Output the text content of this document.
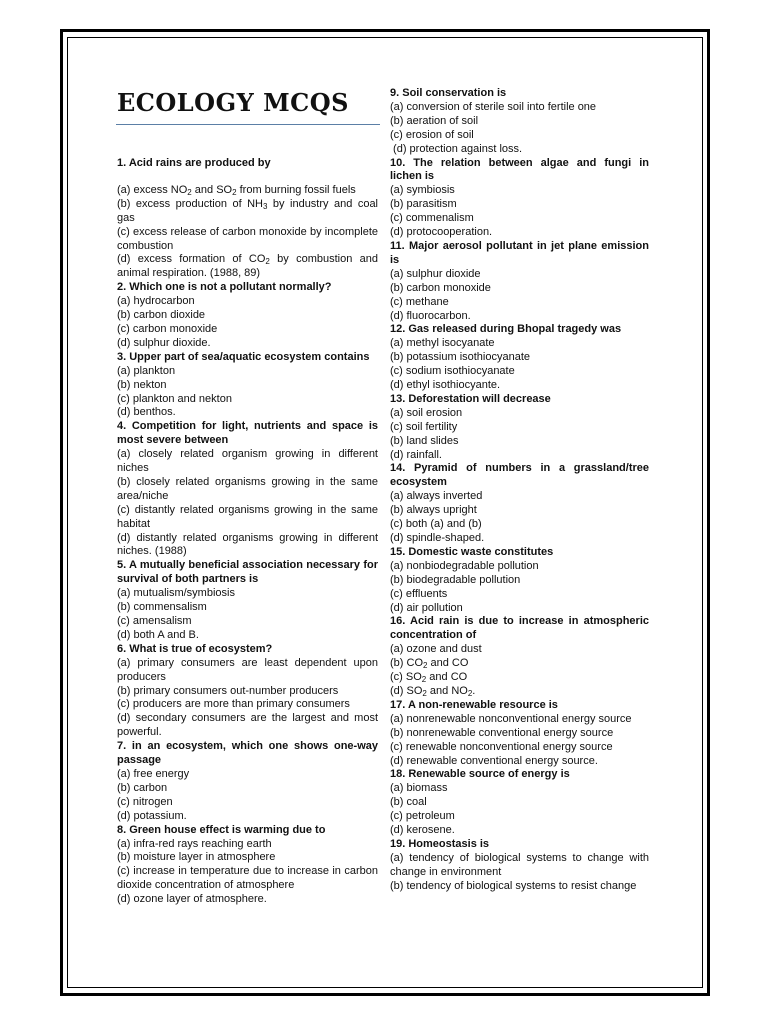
ECOLOGY MCQS
1. Acid rains are produced by
(a) excess $NO_2$ and $SO_2$ from burning fossil fuels
(b) excess production of $NH_3$ by industry and coal gas
(c) excess release of carbon monoxide by incomplete combustion
(d) excess formation of $CO_2$ by combustion and animal respiration. (1988, 89)
2. Which one is not a pollutant normally?
(a) hydrocarbon
(b) carbon dioxide
(c) carbon monoxide
(d) sulphur dioxide.
3. Upper part of sea/aquatic ecosystem contains
(a) plankton
(b) nekton
(c) plankton and nekton
(d) benthos.
4. Competition for light, nutrients and space is most severe between
(a) closely related organism growing in different niches
(b) closely related organisms growing in the same area/niche
(c) distantly related organisms growing in the same habitat
(d) distantly related organisms growing in different niches. (1988)
5. A mutually beneficial association necessary for survival of both partners is
(a) mutualism/symbiosis
(b) commensalism
(c) amensalism
(d) both A and B.
6. What is true of ecosystem?
(a) primary consumers are least dependent upon producers
(b) primary consumers out-number producers
(c) producers are more than primary consumers
(d) secondary consumers are the largest and most powerful.
7. in an ecosystem, which one shows one-way passage
(a) free energy
(b) carbon
(c) nitrogen
(d) potassium.
8. Green house effect is warming due to
(a) infra-red rays reaching earth
(b) moisture layer in atmosphere
(c) increase in temperature due to increase in carbon dioxide concentration of atmosphere
(d) ozone layer of atmosphere.
9. Soil conservation is
(a) conversion of sterile soil into fertile one
(b) aeration of soil
(c) erosion of soil
(d) protection against loss.
10. The relation between algae and fungi in lichen is
(a) symbiosis
(b) parasitism
(c) commenalism
(d) protocooperation.
11. Major aerosol pollutant in jet plane emission is
(a) sulphur dioxide
(b) carbon monoxide
(c) methane
(d) fluorocarbon.
12. Gas released during Bhopal tragedy was
(a) methyl isocyanate
(b) potassium isothiocyanate
(c) sodium isothiocyanate
(d) ethyl isothiocyante.
13. Deforestation will decrease
(a) soil erosion
(c) soil fertility
(b) land slides
(d) rainfall.
14. Pyramid of numbers in a grassland/tree ecosystem
(a) always inverted
(b) always upright
(c) both (a) and (b)
(d) spindle-shaped.
15. Domestic waste constitutes
(a) nonbiodegradable pollution
(b) biodegradable pollution
(c) effluents
(d) air pollution
16. Acid rain is due to increase in atmospheric concentration of
(a) ozone and dust
(b) $CO_2$ and CO
(c) $SO_2$ and CO
(d) $SO_2$ and $NO_2$.
17. A non-renewable resource is
(a) nonrenewable nonconventional energy source
(b) nonrenewable conventional energy source
(c) renewable nonconventional energy source
(d) renewable conventional energy source.
18. Renewable source of energy is
(a) biomass
(b) coal
(c) petroleum
(d) kerosene.
19. Homeostasis is
(a) tendency of biological systems to change with change in environment
(b) tendency of biological systems to resist change
